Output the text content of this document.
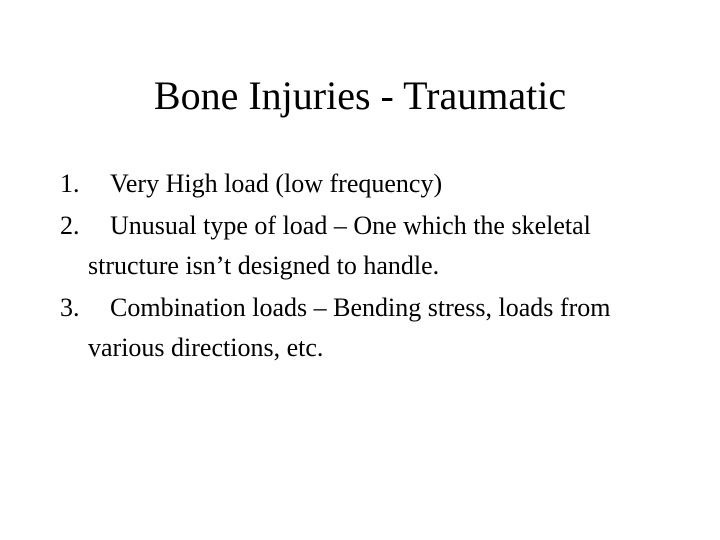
Bone Injuries - Traumatic
1. Very High load (low frequency)
2. Unusual type of load – One which the skeletal structure isn’t designed to handle.
3. Combination loads – Bending stress, loads from various directions, etc.
